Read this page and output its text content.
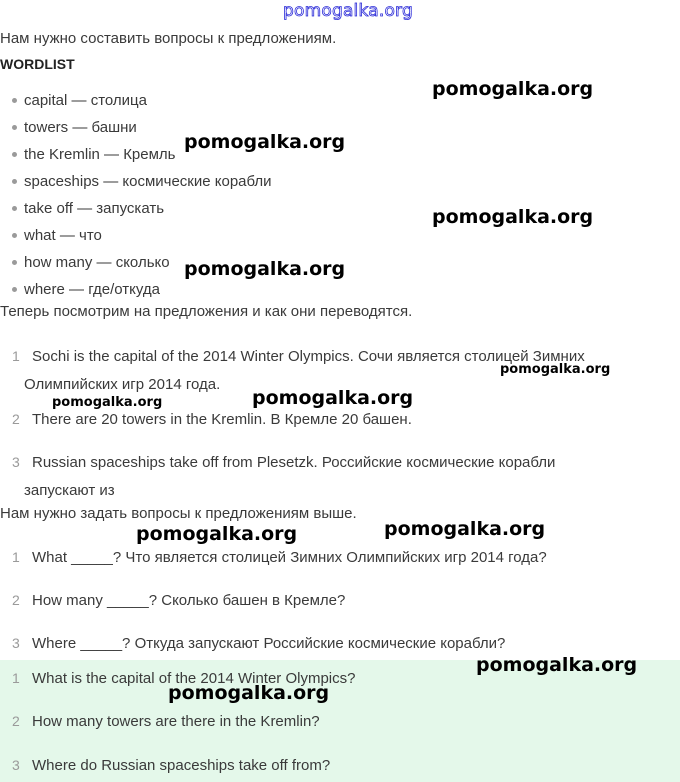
pomogalka.org
Нам нужно составить вопросы к предложениям.
WORDLIST
capital — столица
towers — башни
the Kremlin — Кремль
spaceships — космические корабли
take off — запускать
what — что
how many — сколько
where — где/откуда
Теперь посмотрим на предложения и как они переводятся.
1 Sochi is the capital of the 2014 Winter Olympics. Сочи является столицей Зимних
Олимпийских игр 2014 года.
2 There are 20 towers in the Kremlin. В Кремле 20 башен.
3 Russian spaceships take off from Plesetzk. Российские космические корабли
запускают из
Нам нужно задать вопросы к предложениям выше.
1 What _____? Что является столицей Зимних Олимпийских игр 2014 года?
2 How many _____? Сколько башен в Кремле?
3 Where _____? Откуда запускают Российские космические корабли?
1 What is the capital of the 2014 Winter Olympics?
2 How many towers are there in the Kremlin?
3 Where do Russian spaceships take off from?
pomogalka.org
pomogalka.org
pomogalka.org
pomogalka.org
pomogalka.org
pomogalka.org
pomogalka.org
pomogalka.org	pomogalka.org
pomogalka.org
pomogalka.org
